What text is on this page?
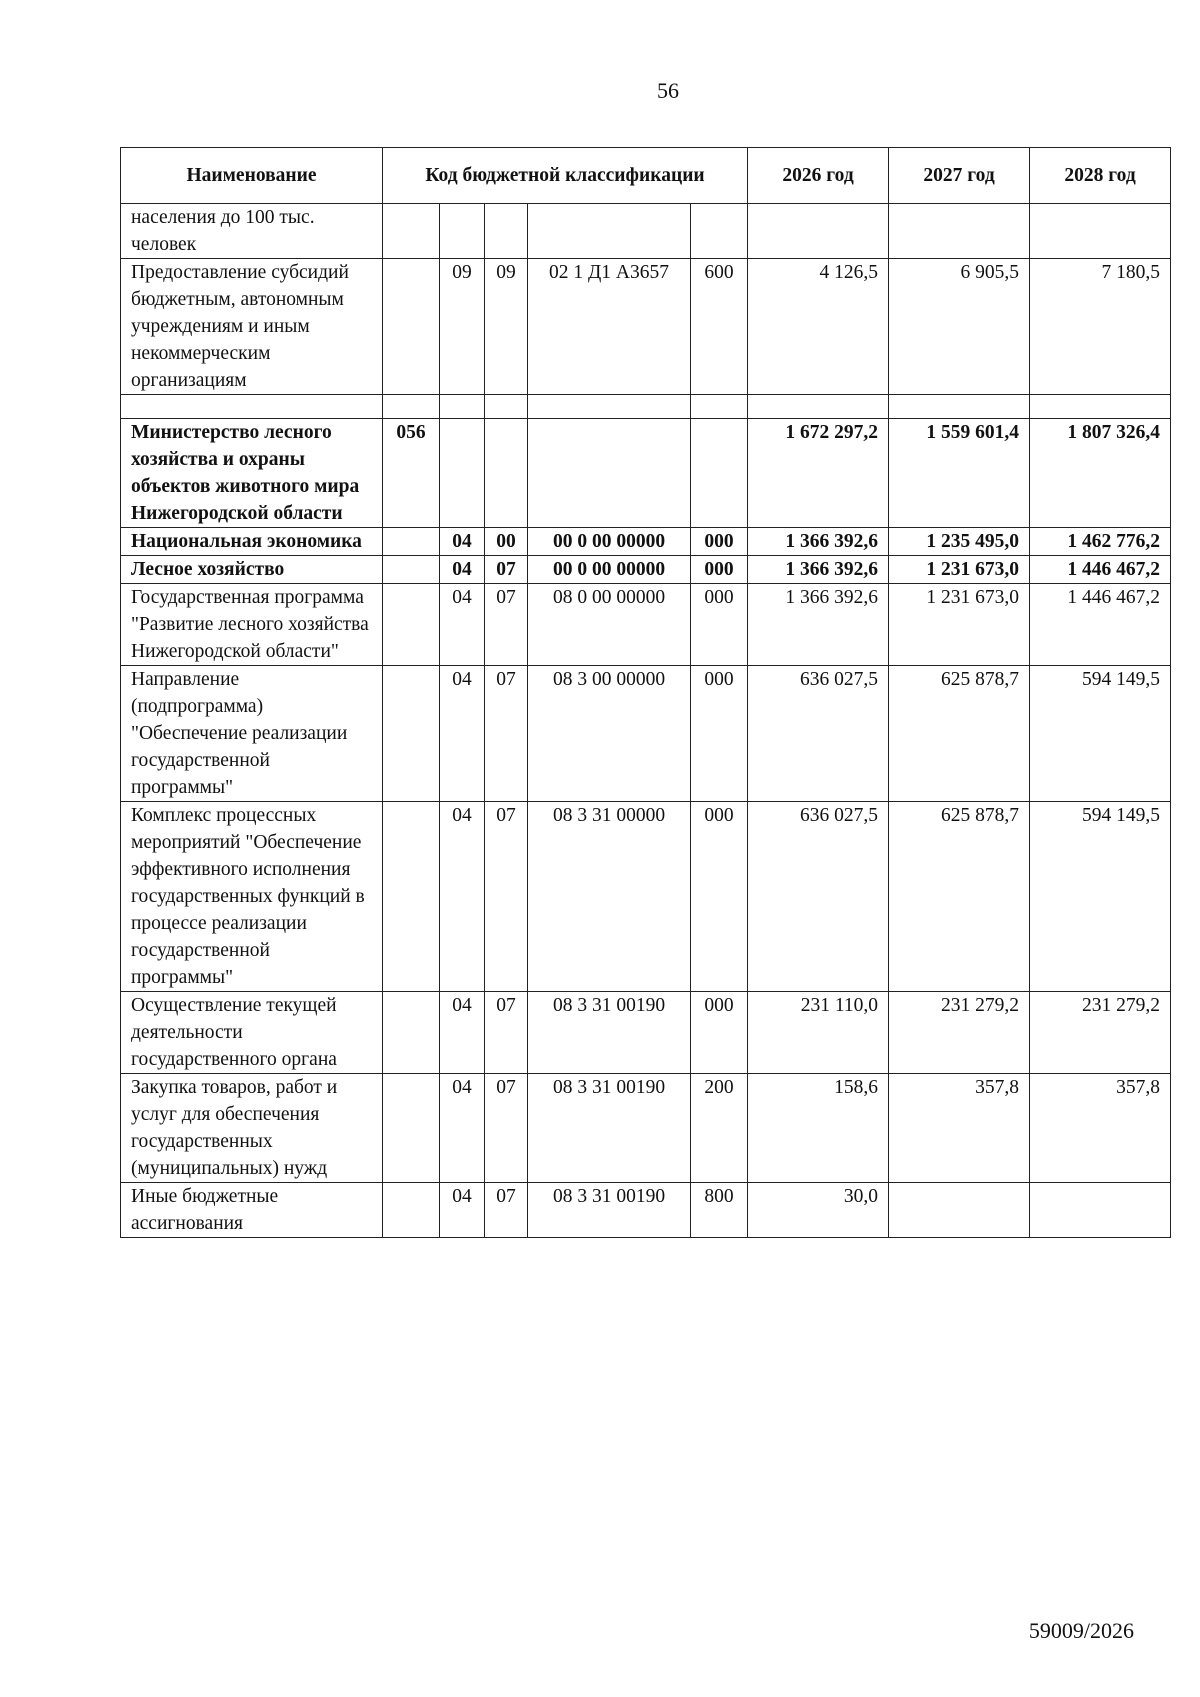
56
Наименование	Код бюджетной классификации					2026 год	2027 год	2028 год
населения до 100 тыс. человек								
Предоставление субсидий бюджетным, автономным учреждениям и иным некоммерческим организациям		09	09	02 1 Д1 А3657	600	4 126,5	6 905,5	7 180,5

Министерство лесного хозяйства и охраны объектов животного мира Нижегородской области	056					1 672 297,2	1 559 601,4	1 807 326,4
Национальная экономика		04	00	00 0 00 00000	000	1 366 392,6	1 235 495,0	1 462 776,2
Лесное хозяйство		04	07	00 0 00 00000	000	1 366 392,6	1 231 673,0	1 446 467,2
Государственная программа "Развитие лесного хозяйства Нижегородской области"		04	07	08 0 00 00000	000	1 366 392,6	1 231 673,0	1 446 467,2
Направление (подпрограмма) "Обеспечение реализации государственной программы"		04	07	08 3 00 00000	000	636 027,5	625 878,7	594 149,5
Комплекс процессных мероприятий "Обеспечение эффективного исполнения государственных функций в процессе реализации государственной программы"		04	07	08 3 31 00000	000	636 027,5	625 878,7	594 149,5
Осуществление текущей деятельности государственного органа		04	07	08 3 31 00190	000	231 110,0	231 279,2	231 279,2
Закупка товаров, работ и услуг для обеспечения государственных (муниципальных) нужд		04	07	08 3 31 00190	200	158,6	357,8	357,8
Иные бюджетные ассигнования		04	07	08 3 31 00190	800	30,0		
59009/2026
